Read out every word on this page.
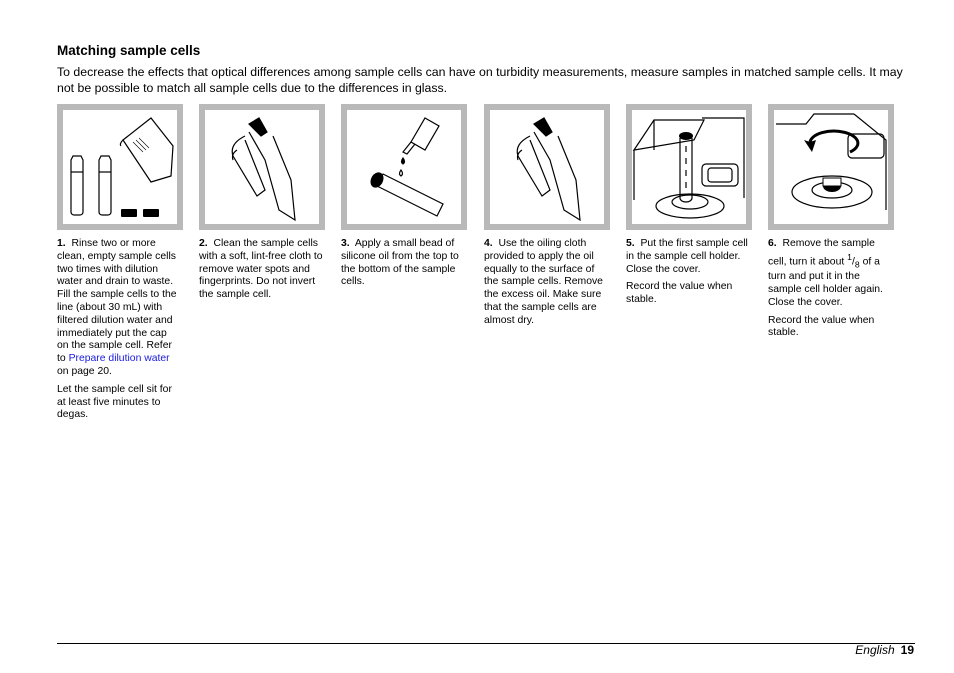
Matching sample cells
To decrease the effects that optical differences among sample cells can have on turbidity measurements, measure samples in matched sample cells. It may not be possible to match all sample cells due to the differences in glass.

1. Rinse two or more clean, empty sample cells two times with dilution water and drain to waste. Fill the sample cells to the line (about 30 mL) with filtered dilution water and immediately put the cap on the sample cell. Refer to Prepare dilution water
on page 20.

Let the sample cell sit for at least five minutes to degas.

2. Clean the sample cells with a soft, lint-free cloth to remove water spots and fingerprints. Do not invert the sample cell.

3. Apply a small bead of silicone oil from the top to the bottom of the sample cells.

4. Use the oiling cloth provided to apply the oil equally to the surface of the sample cells. Remove the excess oil. Make sure that the sample cells are almost dry.

5. Put the first sample cell in the sample cell holder. Close the cover.

Record the value when stable.

6. Remove the sample cell, turn it about $^1/_8$ of a turn and put it in the sample cell holder again. Close the cover.

Record the value when stable.

English 19
